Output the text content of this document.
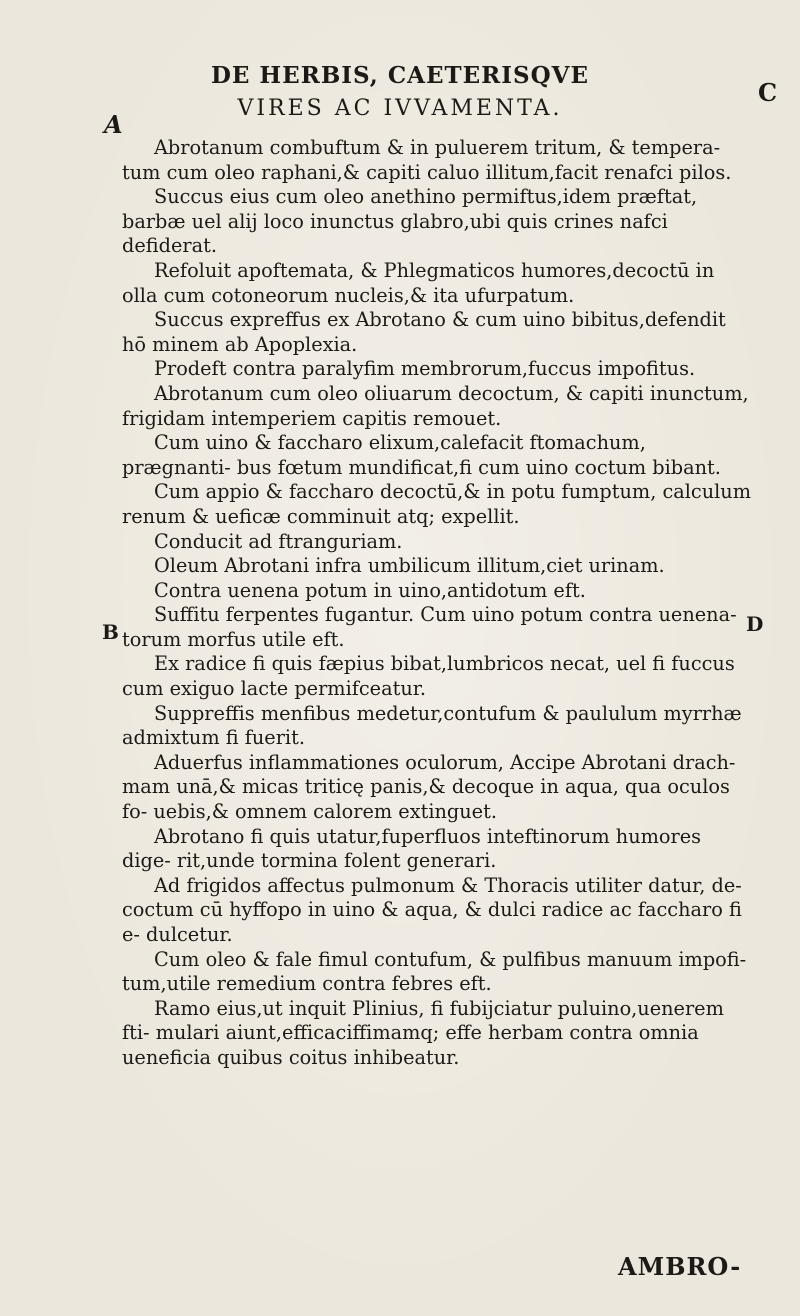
DE HERBIS, CAETERISQVE
VIRES AC IVVAMENTA.
A
B
C
D

Abrotanum combuftum & in puluerem tritum, & tempera- tum cum oleo raphani,& capiti caluo illitum,facit renafci pilos.

Succus eius cum oleo anethino permiftus,idem præftat, barbæ uel alij loco inunctus glabro,ubi quis crines nafci defiderat.

Refoluit apoftemata, & Phlegmaticos humores,decoctū in olla cum cotoneorum nucleis,& ita ufurpatum.

Succus expreffus ex Abrotano & cum uino bibitus,defendit hō minem ab Apoplexia.

Prodeft contra paralyfim membrorum,fuccus impofitus.

Abrotanum cum oleo oliuarum decoctum, & capiti inunctum, frigidam intemperiem capitis remouet.

Cum uino & faccharo elixum,calefacit ftomachum, prægnanti- bus fœtum mundificat,fi cum uino coctum bibant.

Cum appio & faccharo decoctū,& in potu fumptum, calculum renum & ueficæ comminuit atq; expellit.

Conducit ad ftranguriam.

Oleum Abrotani infra umbilicum illitum,ciet urinam.

Contra uenena potum in uino,antidotum eft.

Suffitu ferpentes fugantur. Cum uino potum contra uenena- torum morfus utile eft.

Ex radice fi quis fæpius bibat,lumbricos necat, uel fi fuccus cum exiguo lacte permifceatur.

Suppreffis menfibus medetur,contufum & paululum myrrhæ admixtum fi fuerit.

Aduerfus inflammationes oculorum, Accipe Abrotani drach- mam unā,& micas triticę panis,& decoque in aqua, qua oculos fo- uebis,& omnem calorem extinguet.

Abrotano fi quis utatur,fuperfluos inteftinorum humores dige- rit,unde tormina folent generari.

Ad frigidos affectus pulmonum & Thoracis utiliter datur, de- coctum cū hyffopo in uino & aqua, & dulci radice ac faccharo fi e- dulcetur.

Cum oleo & fale fimul contufum, & pulfibus manuum impofi- tum,utile remedium contra febres eft.

Ramo eius,ut inquit Plinius, fi fubijciatur puluino,uenerem fti- mulari aiunt,efficaciffimamq; effe herbam contra omnia ueneficia quibus coitus inhibeatur.

AMBRO-
